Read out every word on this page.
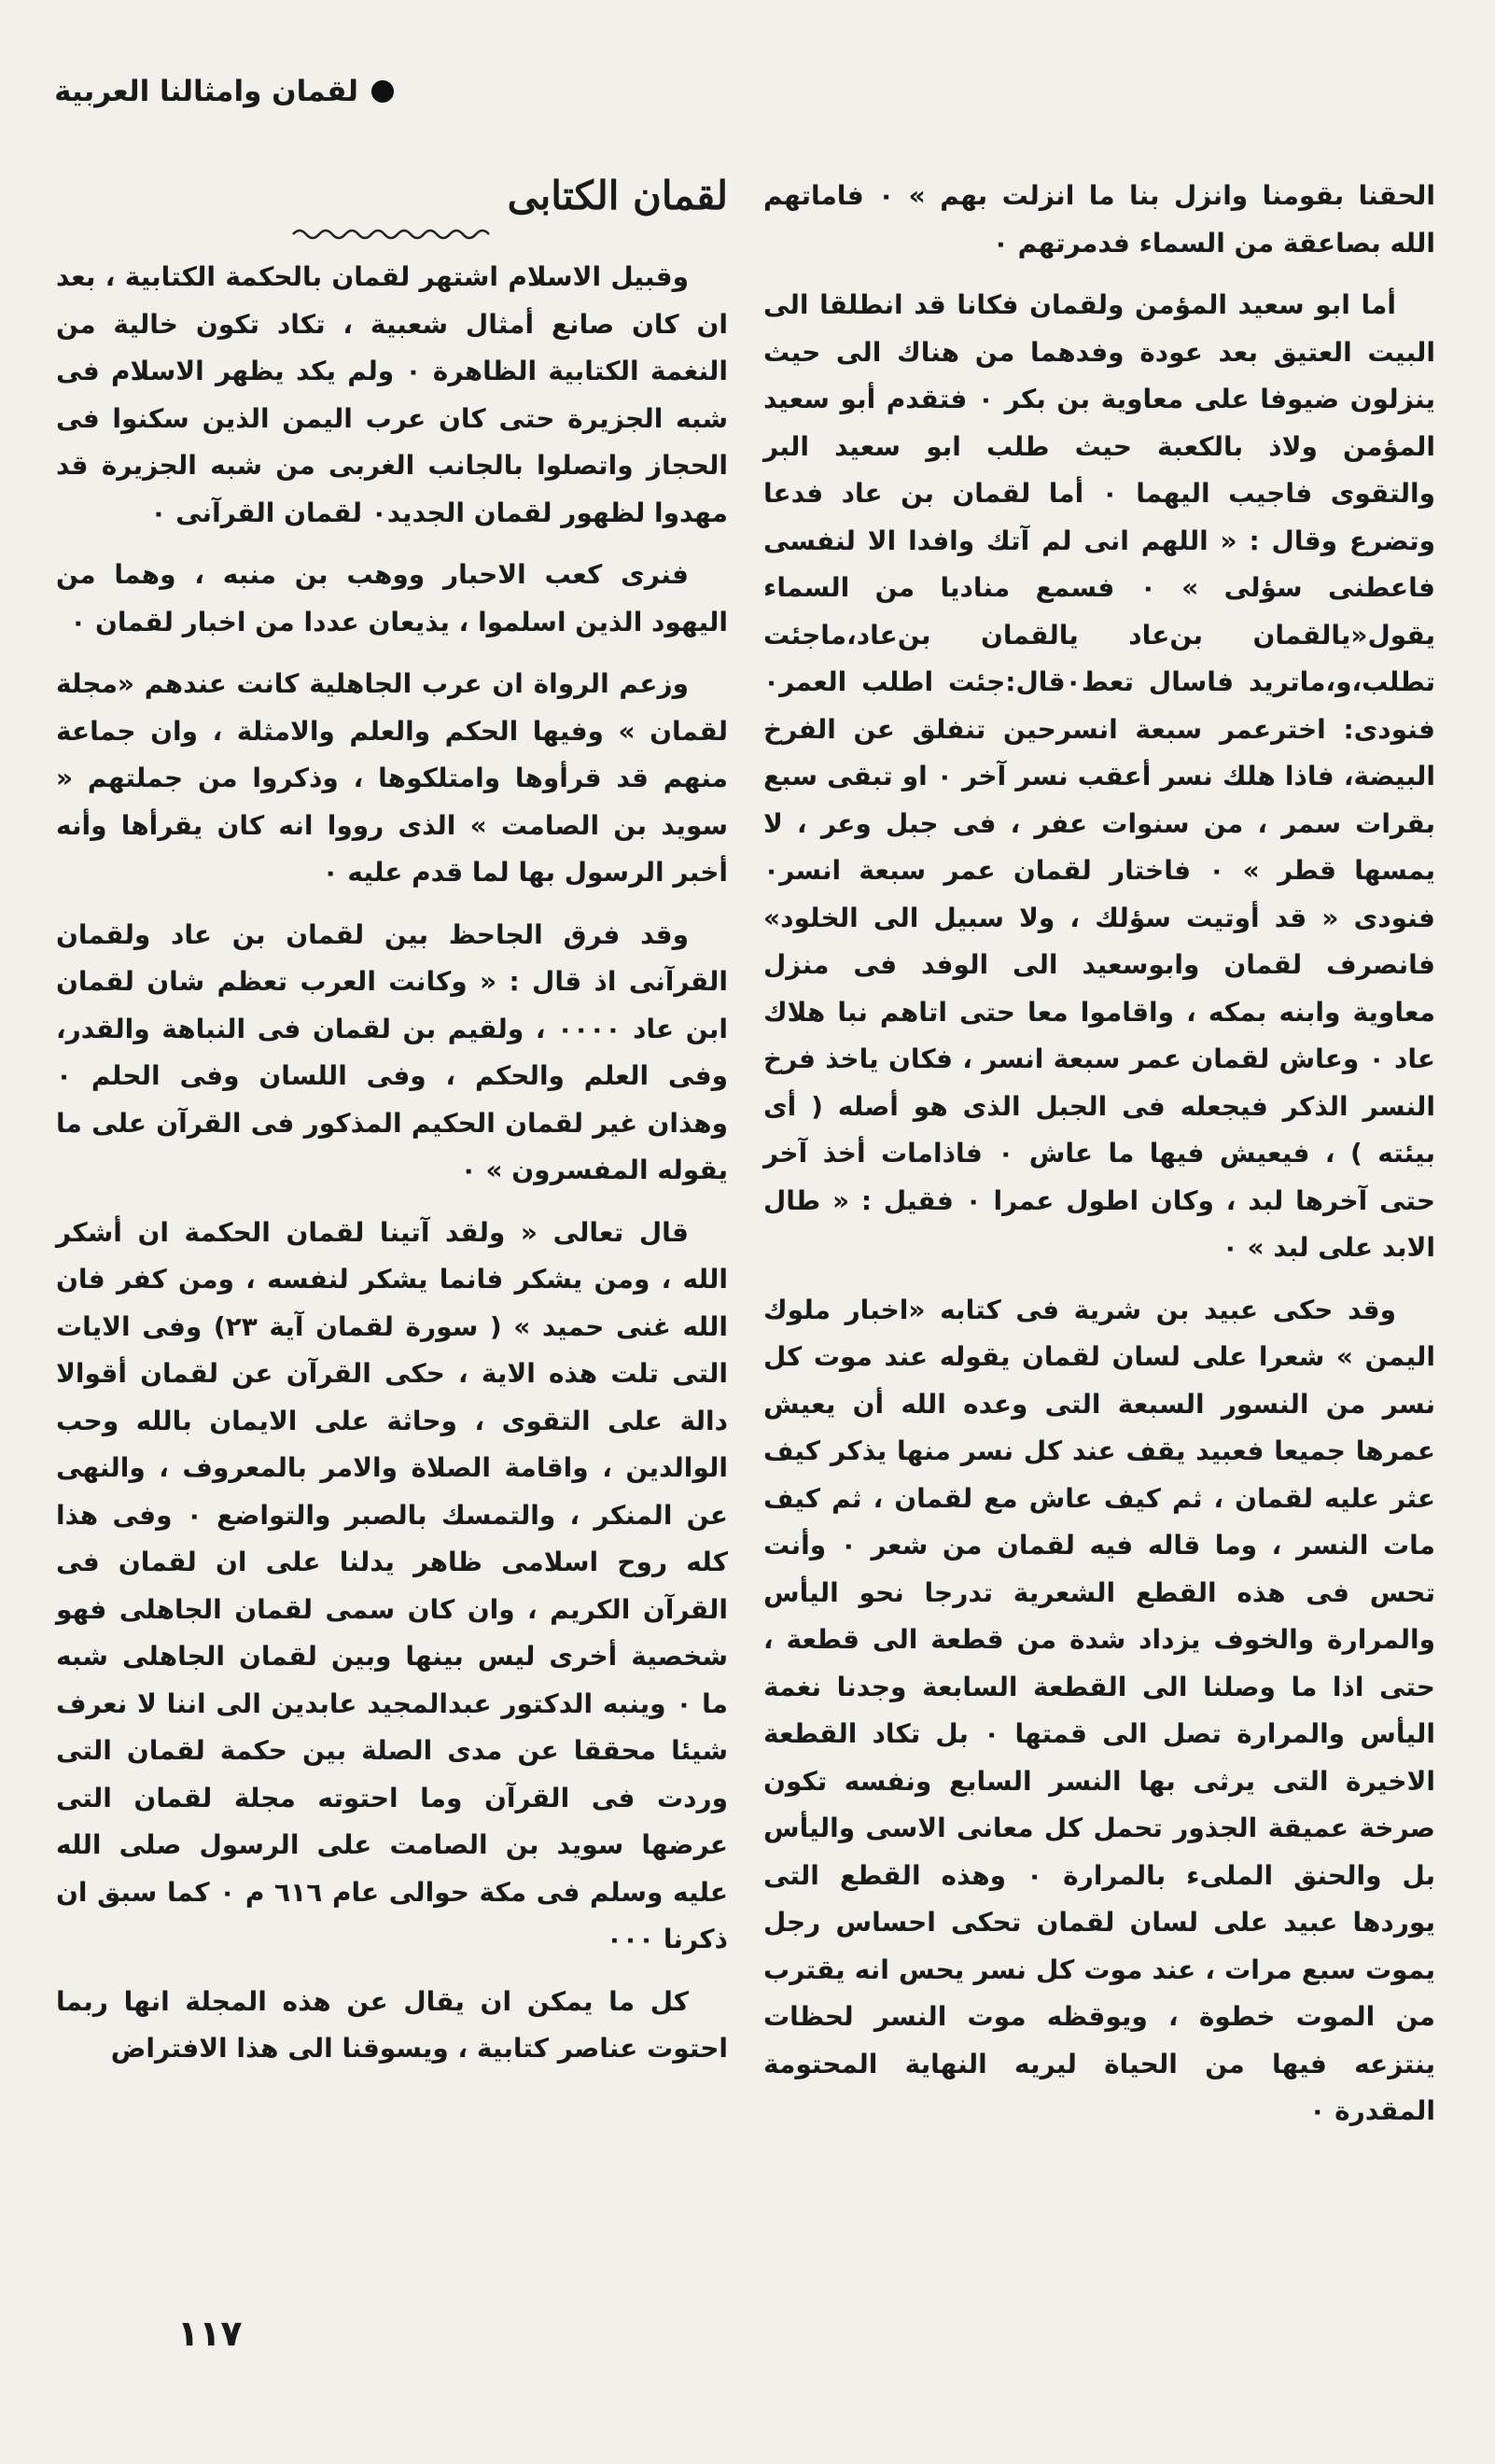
لقمان وامثالنا العربية

الحقنا بقومنا وانزل بنا ما انزلت بهم » ٠ فاماتهم الله بصاعقة من السماء فدمرتهم ٠

أما ابو سعيد المؤمن ولقمان فكانا قد انطلقا الى البيت العتيق بعد عودة وفدهما من هناك الى حيث ينزلون ضيوفا على معاوية بن بكر ٠ فتقدم أبو سعيد المؤمن ولاذ بالكعبة حيث طلب ابو سعيد البر والتقوى فاجيب اليهما ٠ أما لقمان بن عاد فدعا وتضرع وقال : « اللهم انى لم آتك وافدا الا لنفسى فاعطنى سؤلى » ٠ فسمع مناديا من السماء يقول«يالقمان بن‌عاد يالقمان بن‌عاد،ماجئت تطلب،و،ماتريد فاسال تعط٠قال:جئت اطلب العمر٠ فنودى: اخترعمر سبعة انسرحين تنفلق عن الفرخ البيضة، فاذا هلك نسر أعقب نسر آخر ٠ او تبقى سبع بقرات سمر ، من سنوات عفر ، فى جبل وعر ، لا يمسها قطر » ٠ فاختار لقمان عمر سبعة انسر٠ فنودى « قد أوتيت سؤلك ، ولا سبيل الى الخلود» فانصرف لقمان وابوسعيد الى الوفد فى منزل معاوية وابنه بمكه ، واقاموا معا حتى اتاهم نبا هلاك عاد ٠ وعاش لقمان عمر سبعة انسر ، فكان ياخذ فرخ النسر الذكر فيجعله فى الجبل الذى هو أصله ( أى بيئته ) ، فيعيش فيها ما عاش ٠ فاذامات أخذ آخر حتى آخرها لبد ، وكان اطول عمرا ٠ فقيل : « طال الابد على لبد » ٠

وقد حكى عبيد بن شرية فى كتابه «اخبار ملوك اليمن » شعرا على لسان لقمان يقوله عند موت كل نسر من النسور السبعة التى وعده الله أن يعيش عمرها جميعا فعبيد يقف عند كل نسر منها يذكر كيف عثر عليه لقمان ، ثم كيف عاش مع لقمان ، ثم كيف مات النسر ، وما قاله فيه لقمان من شعر ٠ وأنت تحس فى هذه القطع الشعرية تدرجا نحو اليأس والمرارة والخوف يزداد شدة من قطعة الى قطعة ، حتى اذا ما وصلنا الى القطعة السابعة وجدنا نغمة اليأس والمرارة تصل الى قمتها ٠ بل تكاد القطعة الاخيرة التى يرثى بها النسر السابع ونفسه تكون صرخة عميقة الجذور تحمل كل معانى الاسى واليأس بل والحنق الملىء بالمرارة ٠ وهذه القطع التى يوردها عبيد على لسان لقمان تحكى احساس رجل يموت سبع مرات ، عند موت كل نسر يحس انه يقترب من الموت خطوة ، ويوقظه موت النسر لحظات ينتزعه فيها من الحياة ليريه النهاية المحتومة المقدرة ٠

لقمان الكتابى

وقبيل الاسلام اشتهر لقمان بالحكمة الكتابية ، بعد ان كان صانع أمثال شعبية ، تكاد تكون خالية من النغمة الكتابية الظاهرة ٠ ولم يكد يظهر الاسلام فى شبه الجزيرة حتى كان عرب اليمن الذين سكنوا فى الحجاز واتصلوا بالجانب الغربى من شبه الجزيرة قد مهدوا لظهور لقمان الجديد٠ لقمان القرآنى ٠

فنرى كعب الاحبار ووهب بن منبه ، وهما من اليهود الذين اسلموا ، يذيعان عددا من اخبار لقمان ٠

وزعم الرواة ان عرب الجاهلية كانت عندهم «مجلة لقمان » وفيها الحكم والعلم والامثلة ، وان جماعة منهم قد قرأوها وامتلكوها ، وذكروا من جملتهم « سويد بن الصامت » الذى رووا انه كان يقرأها وأنه أخبر الرسول بها لما قدم عليه ٠

وقد فرق الجاحظ بين لقمان بن عاد ولقمان القرآنى اذ قال : « وكانت العرب تعظم شان لقمان ابن عاد ٠٠٠٠ ، ولقيم بن لقمان فى النباهة والقدر، وفى العلم والحكم ، وفى اللسان وفى الحلم ٠ وهذان غير لقمان الحكيم المذكور فى القرآن على ما يقوله المفسرون » ٠

قال تعالى « ولقد آتينا لقمان الحكمة ان أشكر الله ، ومن يشكر فانما يشكر لنفسه ، ومن كفر فان الله غنى حميد » ( سورة لقمان آية ٢٣) وفى الايات التى تلت هذه الاية ، حكى القرآن عن لقمان أقوالا دالة على التقوى ، وحاثة على الايمان بالله وحب الوالدين ، واقامة الصلاة والامر بالمعروف ، والنهى عن المنكر ، والتمسك بالصبر والتواضع ٠ وفى هذا كله روح اسلامى ظاهر يدلنا على ان لقمان فى القرآن الكريم ، وان كان سمى لقمان الجاهلى فهو شخصية أخرى ليس بينها وبين لقمان الجاهلى شبه ما ٠ وينبه الدكتور عبدالمجيد عابدين الى اننا لا نعرف شيئا محققا عن مدى الصلة بين حكمة لقمان التى وردت فى القرآن وما احتوته مجلة لقمان التى عرضها سويد بن الصامت على الرسول صلى الله عليه وسلم فى مكة حوالى عام ٦١٦ م ٠ كما سبق ان ذكرنا ٠٠٠

كل ما يمكن ان يقال عن هذه المجلة انها ربما احتوت عناصر كتابية ، ويسوقنا الى هذا الافتراض

١١٧
